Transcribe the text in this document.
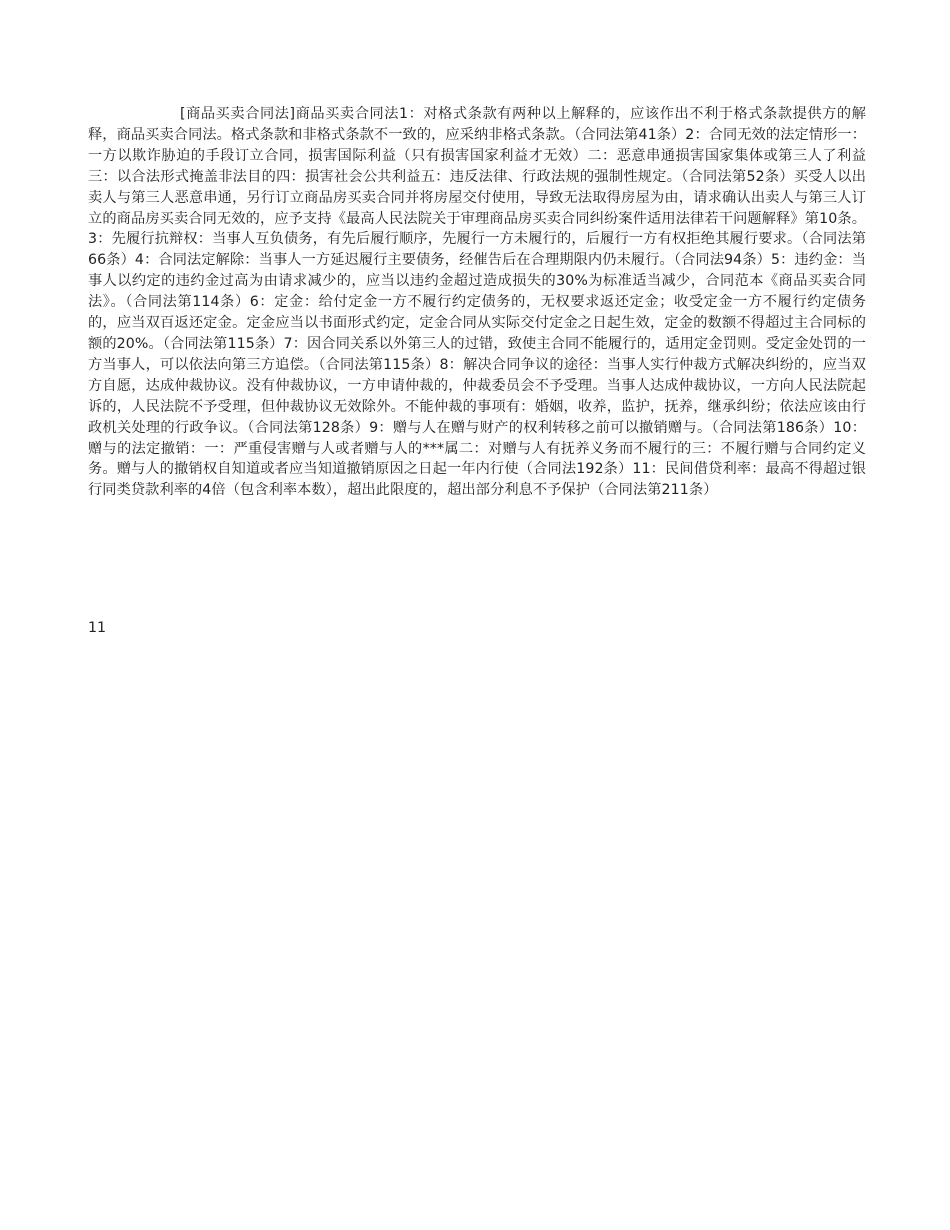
[商品买卖合同法]商品买卖合同法1：对格式条款有两种以上解释的，应该作出不利于格式条款提供方的解释，商品买卖合同法。格式条款和非格式条款不一致的，应采纳非格式条款。（合同法第41条）2：合同无效的法定情形一：一方以欺诈胁迫的手段订立合同，损害国际利益（只有损害国家利益才无效）二：恶意串通损害国家集体或第三人了利益三：以合法形式掩盖非法目的四：损害社会公共利益五：违反法律、行政法规的强制性规定。（合同法第52条）买受人以出卖人与第三人恶意串通，另行订立商品房买卖合同并将房屋交付使用，导致无法取得房屋为由，请求确认出卖人与第三人订立的商品房买卖合同无效的，应予支持《最高人民法院关于审理商品房买卖合同纠纷案件适用法律若干问题解释》第10条。3：先履行抗辩权：当事人互负债务，有先后履行顺序，先履行一方未履行的，后履行一方有权拒绝其履行要求。（合同法第66条）4：合同法定解除：当事人一方延迟履行主要债务，经催告后在合理期限内仍未履行。（合同法94条）5：违约金：当事人以约定的违约金过高为由请求减少的，应当以违约金超过造成损失的30%为标准适当减少，合同范本《商品买卖合同法》。（合同法第114条）6：定金：给付定金一方不履行约定债务的，无权要求返还定金；收受定金一方不履行约定债务的，应当双百返还定金。定金应当以书面形式约定，定金合同从实际交付定金之日起生效，定金的数额不得超过主合同标的额的20%。（合同法第115条）7：因合同关系以外第三人的过错，致使主合同不能履行的，适用定金罚则。受定金处罚的一方当事人，可以依法向第三方追偿。（合同法第115条）8：解决合同争议的途径：当事人实行仲裁方式解决纠纷的，应当双方自愿，达成仲裁协议。没有仲裁协议，一方申请仲裁的，仲裁委员会不予受理。当事人达成仲裁协议，一方向人民法院起诉的，人民法院不予受理，但仲裁协议无效除外。不能仲裁的事项有：婚姻，收养，监护，抚养，继承纠纷；依法应该由行政机关处理的行政争议。（合同法第128条）9：赠与人在赠与财产的权利转移之前可以撤销赠与。（合同法第186条）10：赠与的法定撤销：一：严重侵害赠与人或者赠与人的***属二：对赠与人有抚养义务而不履行的三：不履行赠与合同约定义务。赠与人的撤销权自知道或者应当知道撤销原因之日起一年内行使（合同法192条）11：民间借贷利率：最高不得超过银行同类贷款利率的4倍（包含利率本数），超出此限度的，超出部分利息不予保护（合同法第211条）

11
